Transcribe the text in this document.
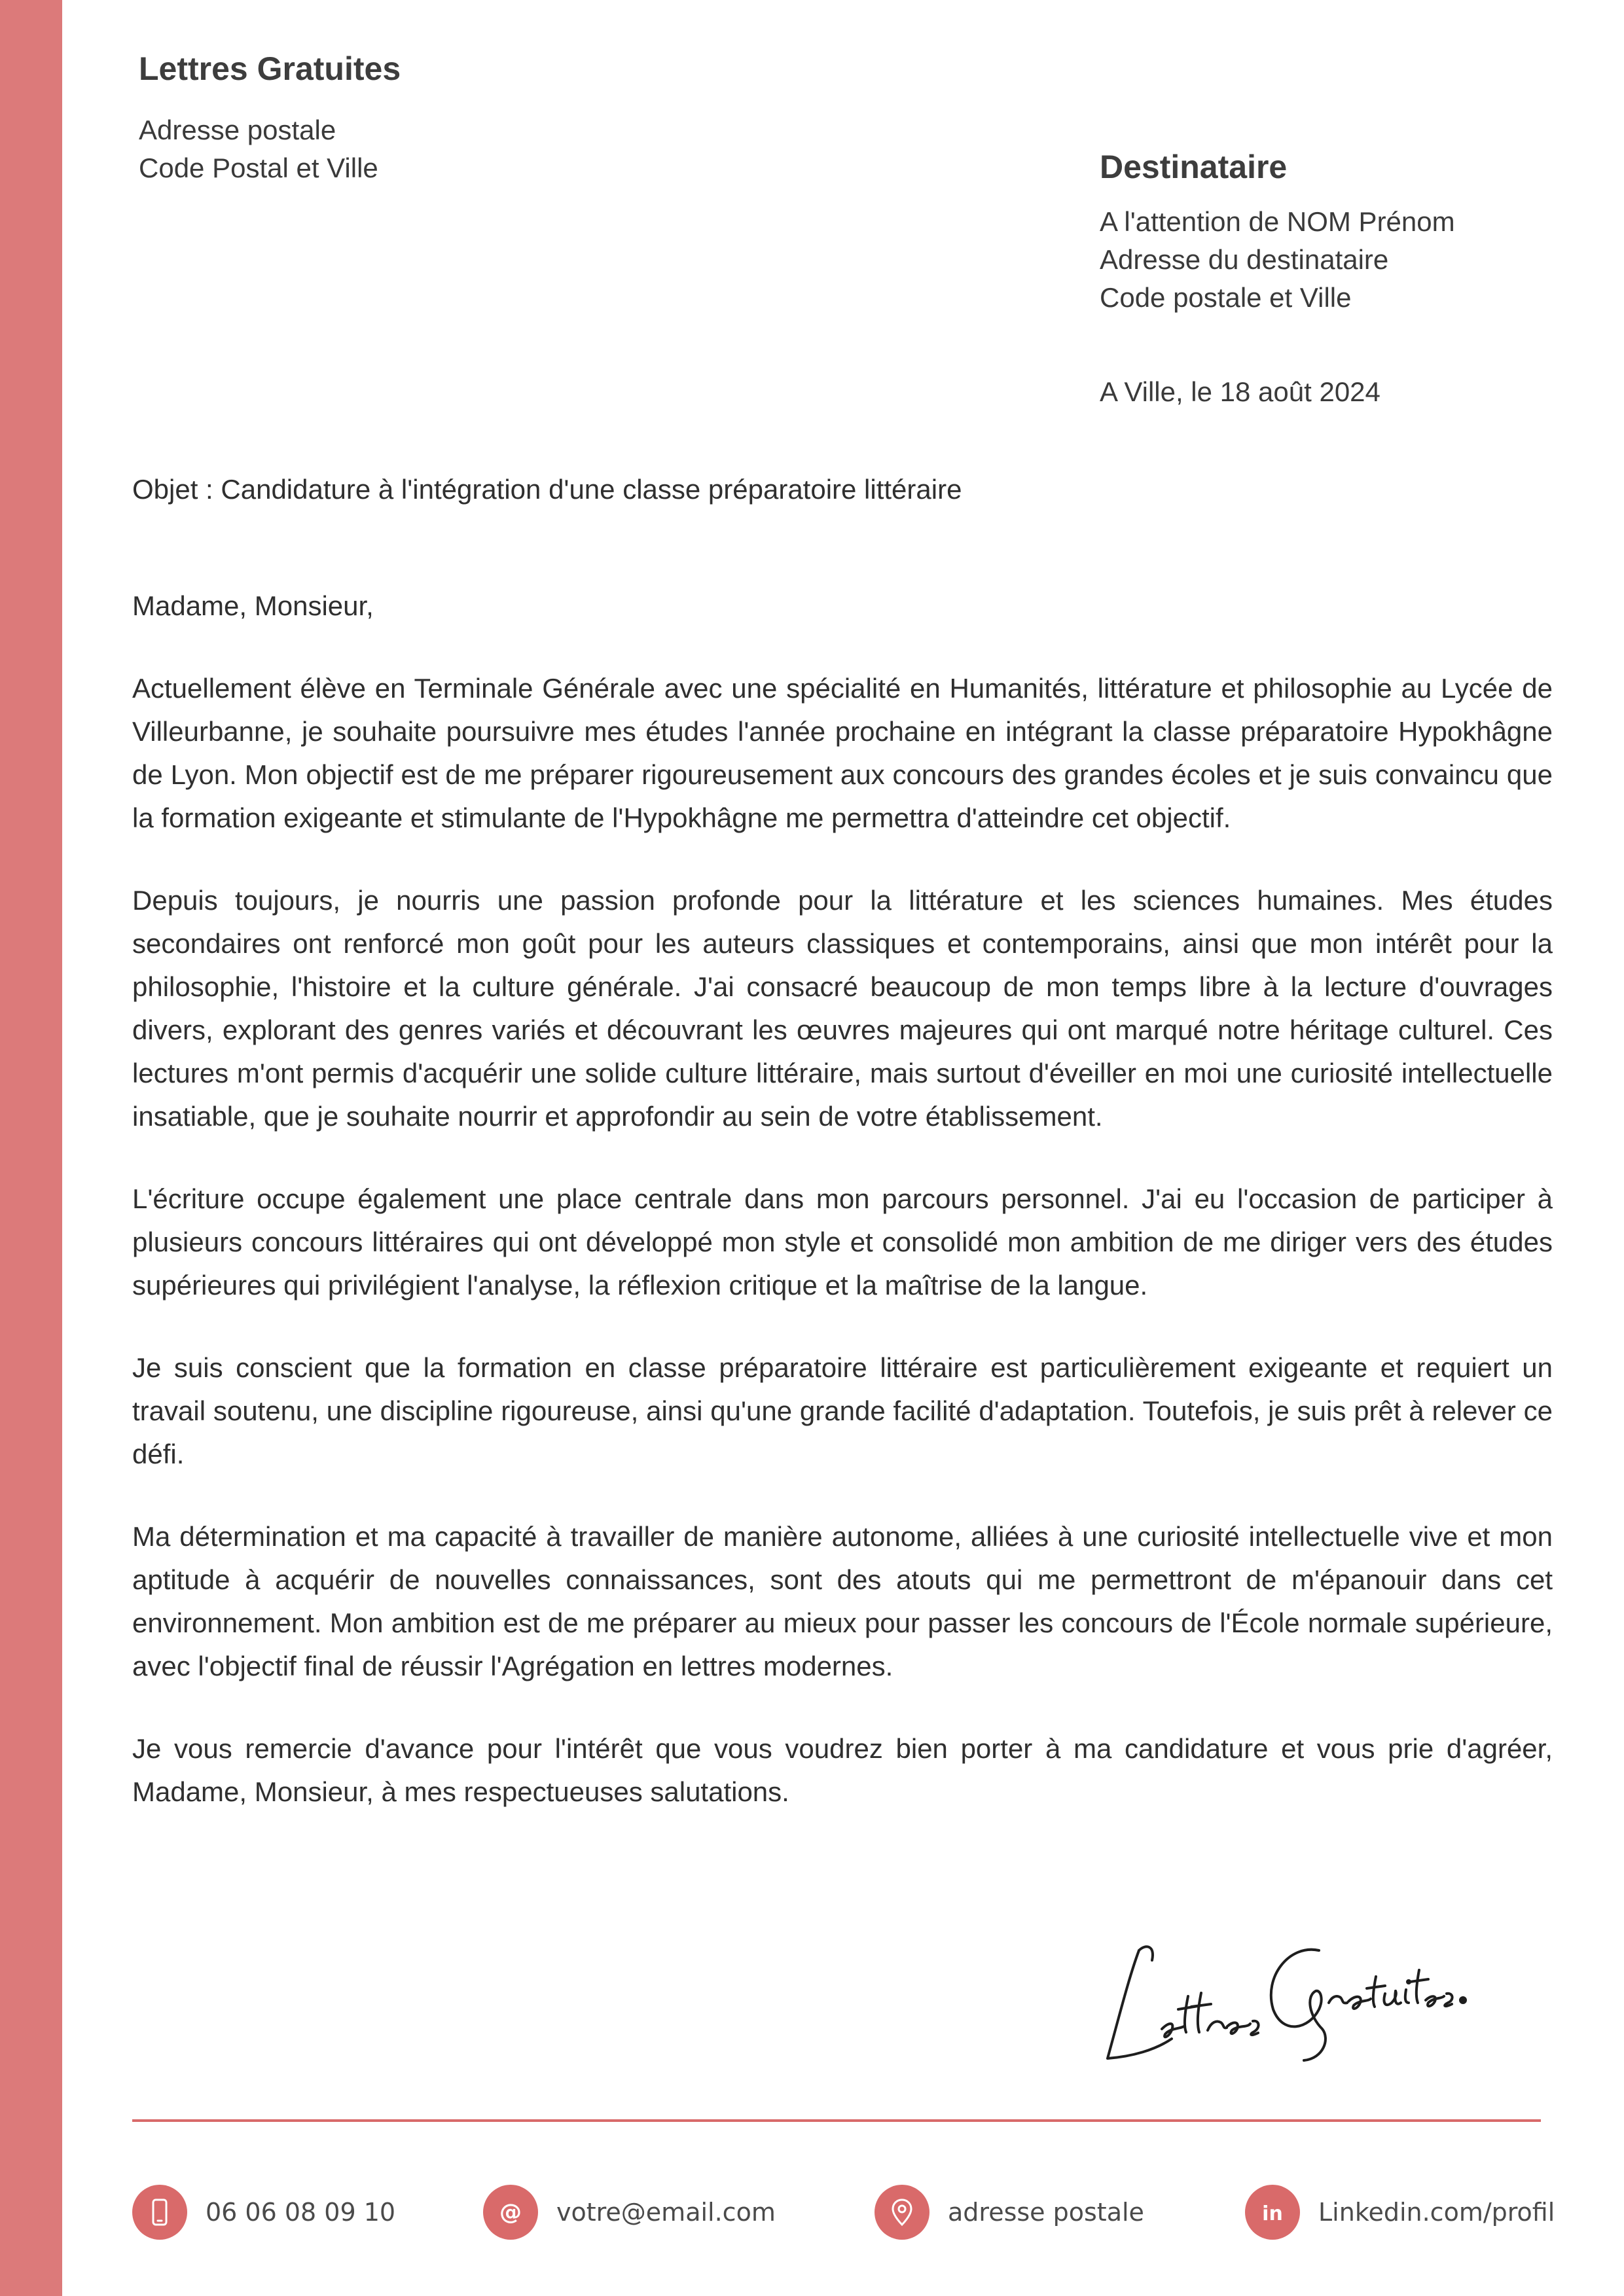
Lettres Gratuites
Adresse postale
Code Postal et Ville	Destinataire
A l'attention de NOM Prénom
Adresse du destinataire
Code postale et Ville
A Ville, le 18 août 2024
Objet : Candidature à l'intégration d'une classe préparatoire littéraire

Madame, Monsieur,

Actuellement élève en Terminale Générale avec une spécialité en Humanités, littérature et philosophie au Lycée de Villeurbanne, je souhaite poursuivre mes études l'année prochaine en intégrant la classe préparatoire Hypokhâgne de Lyon. Mon objectif est de me préparer rigoureusement aux concours des grandes écoles et je suis convaincu que la formation exigeante et stimulante de l'Hypokhâgne me permettra d'atteindre cet objectif.

Depuis toujours, je nourris une passion profonde pour la littérature et les sciences humaines. Mes études secondaires ont renforcé mon goût pour les auteurs classiques et contemporains, ainsi que mon intérêt pour la philosophie, l'histoire et la culture générale. J'ai consacré beaucoup de mon temps libre à la lecture d'ouvrages divers, explorant des genres variés et découvrant les œuvres majeures qui ont marqué notre héritage culturel. Ces lectures m'ont permis d'acquérir une solide culture littéraire, mais surtout d'éveiller en moi une curiosité intellectuelle insatiable, que je souhaite nourrir et approfondir au sein de votre établissement.

L'écriture occupe également une place centrale dans mon parcours personnel. J'ai eu l'occasion de participer à plusieurs concours littéraires qui ont développé mon style et consolidé mon ambition de me diriger vers des études supérieures qui privilégient l'analyse, la réflexion critique et la maîtrise de la langue.

Je suis conscient que la formation en classe préparatoire littéraire est particulièrement exigeante et requiert un travail soutenu, une discipline rigoureuse, ainsi qu'une grande facilité d'adaptation. Toutefois, je suis prêt à relever ce défi.

Ma détermination et ma capacité à travailler de manière autonome, alliées à une curiosité intellectuelle vive et mon aptitude à acquérir de nouvelles connaissances, sont des atouts qui me permettront de m'épanouir dans cet environnement. Mon ambition est de me préparer au mieux pour passer les concours de l'École normale supérieure, avec l'objectif final de réussir l'Agrégation en lettres modernes.

Je vous remercie d'avance pour l'intérêt que vous voudrez bien porter à ma candidature et vous prie d'agréer, Madame, Monsieur, à mes respectueuses salutations.

06 06 08 09 10	@ votre@email.com	adresse postale	in Linkedin.com/profil
